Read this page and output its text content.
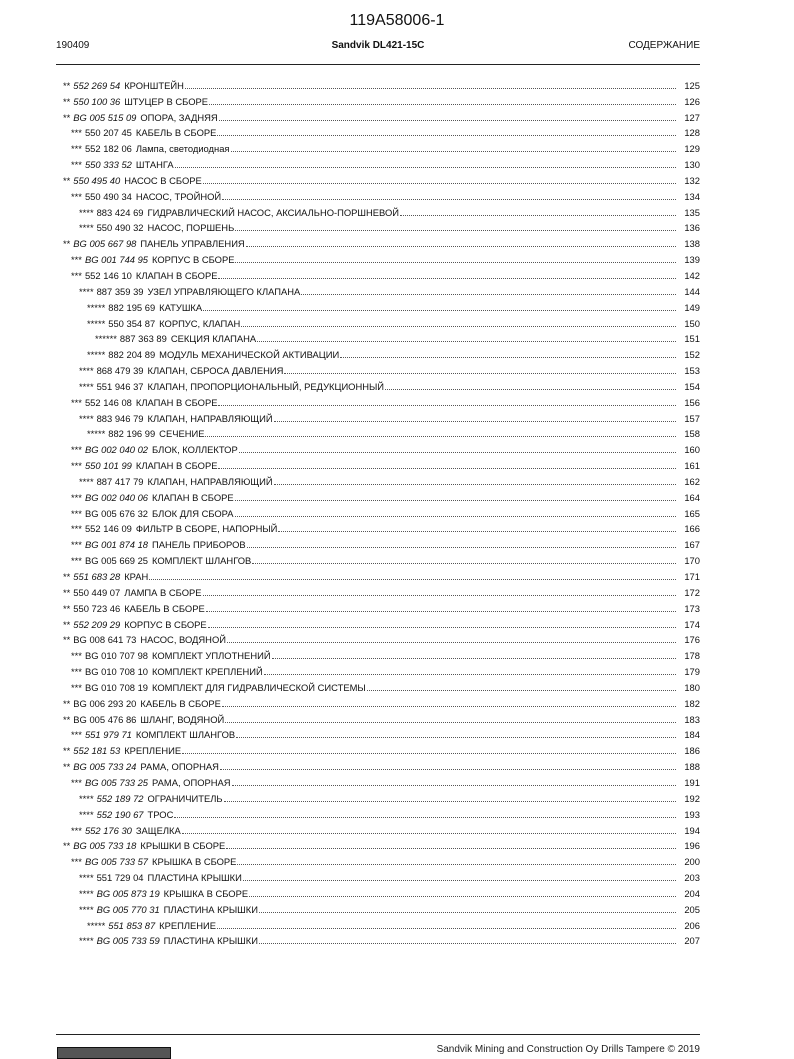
119A58006-1
190409	Sandvik DL421-15C	СОДЕРЖАНИЕ
** 552 269 54 КРОНШТЕЙН	125
** 550 100 36 ШТУЦЕР В СБОРЕ	126
** BG 005 515 09 ОПОРА, ЗАДНЯЯ	127
*** 550 207 45 КАБЕЛЬ В СБОРЕ	128
*** 552 182 06 Лампа, светодиодная	129
*** 550 333 52 ШТАНГА	130
** 550 495 40 НАСОС В СБОРЕ	132
*** 550 490 34 НАСОС, ТРОЙНОЙ	134
**** 883 424 69 ГИДРАВЛИЧЕСКИЙ НАСОС, АКСИАЛЬНО-ПОРШНЕВОЙ	135
**** 550 490 32 НАСОС, ПОРШЕНЬ	136
** BG 005 667 98 ПАНЕЛЬ УПРАВЛЕНИЯ	138
*** BG 001 744 95 КОРПУС В СБОРЕ	139
*** 552 146 10 КЛАПАН В СБОРЕ	142
**** 887 359 39 УЗЕЛ УПРАВЛЯЮЩЕГО КЛАПАНА	144
***** 882 195 69 КАТУШКА	149
***** 550 354 87 КОРПУС, КЛАПАН	150
****** 887 363 89 СЕКЦИЯ КЛАПАНА	151
***** 882 204 89 МОДУЛЬ МЕХАНИЧЕСКОЙ АКТИВАЦИИ	152
**** 868 479 39 КЛАПАН, СБРОСА ДАВЛЕНИЯ	153
**** 551 946 37 КЛАПАН, ПРОПОРЦИОНАЛЬНЫЙ, РЕДУКЦИОННЫЙ	154
*** 552 146 08 КЛАПАН В СБОРЕ	156
**** 883 946 79 КЛАПАН, НАПРАВЛЯЮЩИЙ	157
***** 882 196 99 СЕЧЕНИЕ	158
*** BG 002 040 02 БЛОК, КОЛЛЕКТОР	160
*** 550 101 99 КЛАПАН В СБОРЕ	161
**** 887 417 79 КЛАПАН, НАПРАВЛЯЮЩИЙ	162
*** BG 002 040 06 КЛАПАН В СБОРЕ	164
*** BG 005 676 32 БЛОК ДЛЯ СБОРА	165
*** 552 146 09 ФИЛЬТР В СБОРЕ, НАПОРНЫЙ	166
*** BG 001 874 18 ПАНЕЛЬ ПРИБОРОВ	167
*** BG 005 669 25 КОМПЛЕКТ ШЛАНГОВ	170
** 551 683 28 КРАН	171
** 550 449 07 ЛАМПА В СБОРЕ	172
** 550 723 46 КАБЕЛЬ В СБОРЕ	173
** 552 209 29 КОРПУС В СБОРЕ	174
** BG 008 641 73 НАСОС, ВОДЯНОЙ	176
*** BG 010 707 98 КОМПЛЕКТ УПЛОТНЕНИЙ	178
*** BG 010 708 10 КОМПЛЕКТ КРЕПЛЕНИЙ	179
*** BG 010 708 19 КОМПЛЕКТ ДЛЯ ГИДРАВЛИЧЕСКОЙ СИСТЕМЫ	180
** BG 006 293 20 КАБЕЛЬ В СБОРЕ	182
** BG 005 476 86 ШЛАНГ, ВОДЯНОЙ	183
*** 551 979 71 КОМПЛЕКТ ШЛАНГОВ	184
** 552 181 53 КРЕПЛЕНИЕ	186
** BG 005 733 24 РАМА, ОПОРНАЯ	188
*** BG 005 733 25 РАМА, ОПОРНАЯ	191
**** 552 189 72 ОГРАНИЧИТЕЛЬ	192
**** 552 190 67 ТРОС	193
*** 552 176 30 ЗАЩЕЛКА	194
** BG 005 733 18 КРЫШКИ В СБОРЕ	196
*** BG 005 733 57 КРЫШКА В СБОРЕ	200
**** 551 729 04 ПЛАСТИНА КРЫШКИ	203
**** BG 005 873 19 КРЫШКА В СБОРЕ	204
**** BG 005 770 31 ПЛАСТИНА КРЫШКИ	205
***** 551 853 87 КРЕПЛЕНИЕ	206
**** BG 005 733 59 ПЛАСТИНА КРЫШКИ	207
Sandvik Mining and Construction Oy Drills Tampere © 2019
